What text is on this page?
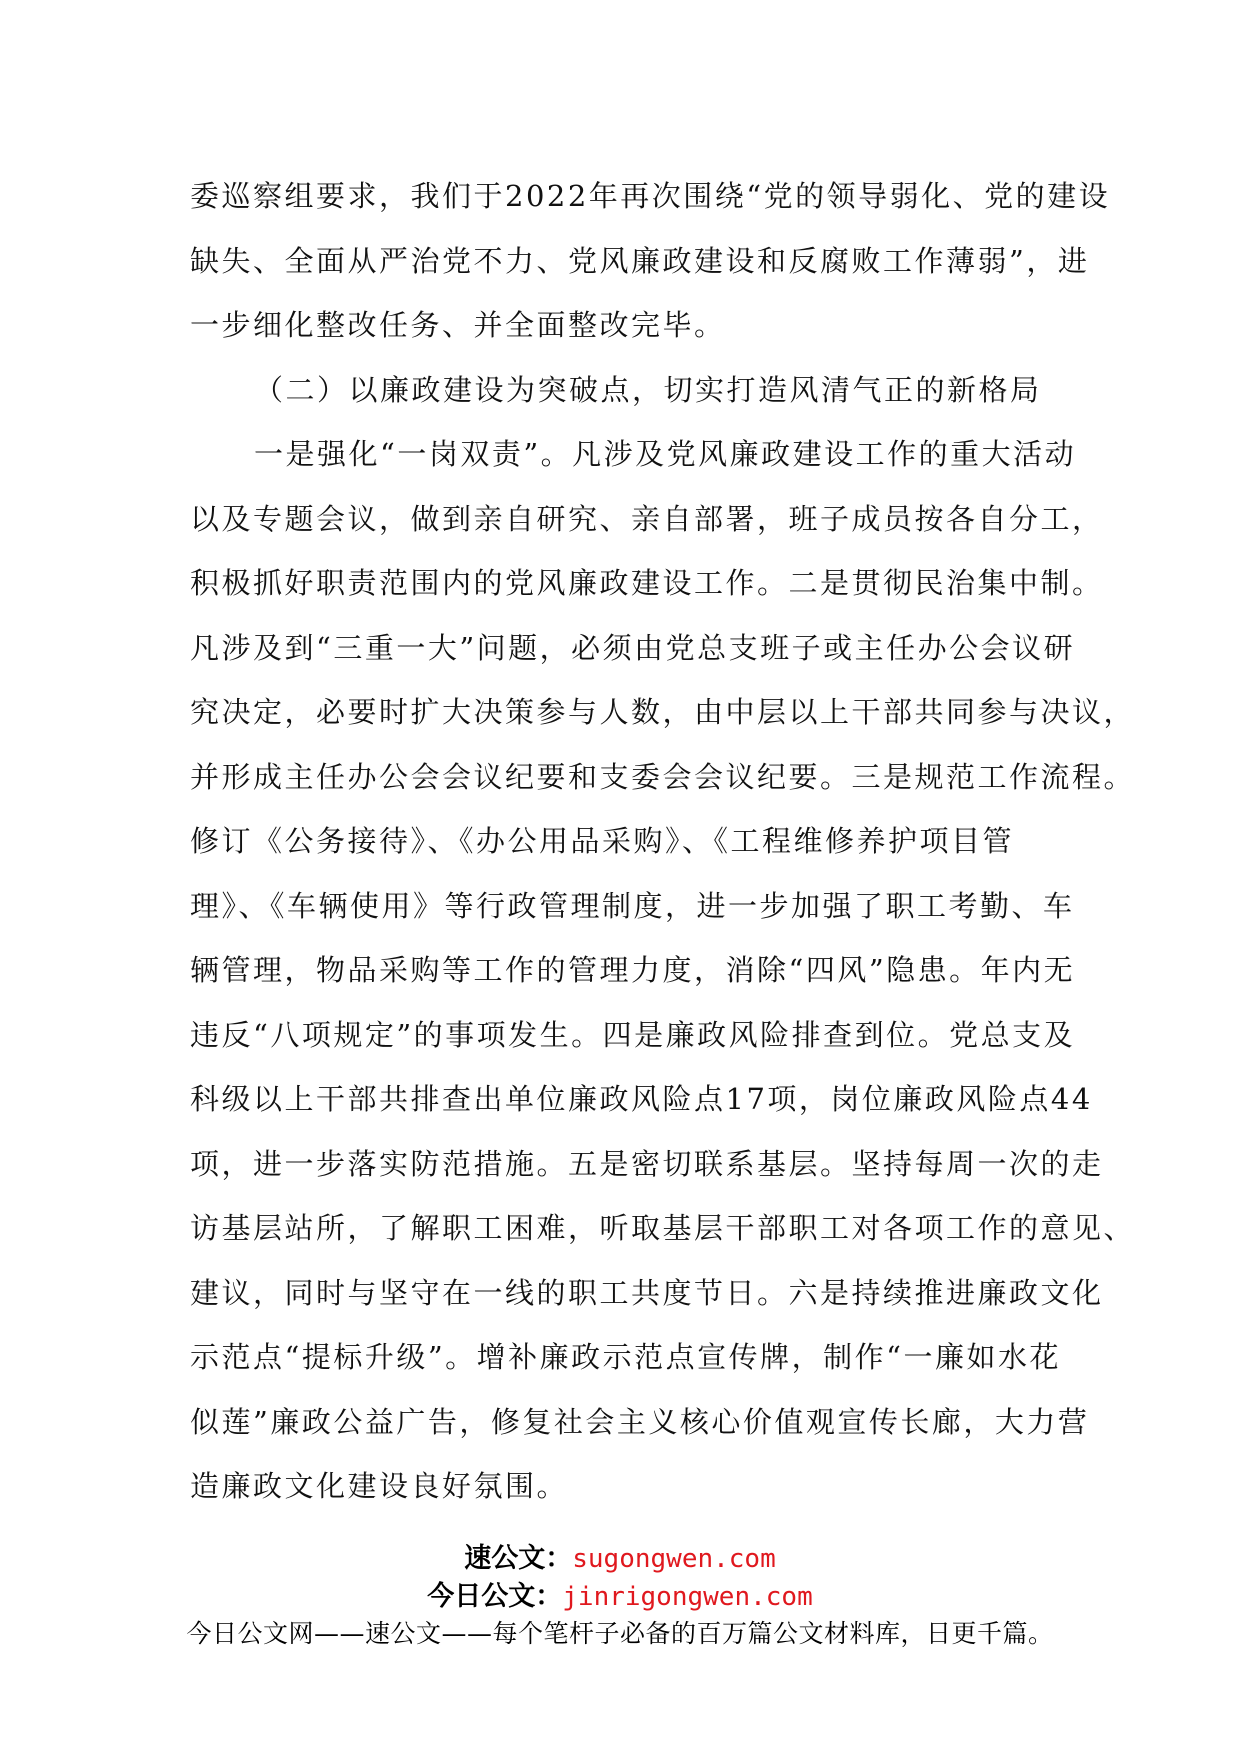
委巡察组要求，我们于2022年再次围绕“党的领导弱化、党的建设
缺失、全面从严治党不力、党风廉政建设和反腐败工作薄弱”，进
一步细化整改任务、并全面整改完毕。
（二）以廉政建设为突破点，切实打造风清气正的新格局
一是强化“一岗双责”。凡涉及党风廉政建设工作的重大活动
以及专题会议，做到亲自研究、亲自部署，班子成员按各自分工，
积极抓好职责范围内的党风廉政建设工作。二是贯彻民治集中制。
凡涉及到“三重一大”问题，必须由党总支班子或主任办公会议研
究决定，必要时扩大决策参与人数，由中层以上干部共同参与决议，
并形成主任办公会会议纪要和支委会会议纪要。三是规范工作流程。
修订《公务接待》、《办公用品采购》、《工程维修养护项目管
理》、《车辆使用》等行政管理制度，进一步加强了职工考勤、车
辆管理，物品采购等工作的管理力度，消除“四风”隐患。年内无
违反“八项规定”的事项发生。四是廉政风险排查到位。党总支及
科级以上干部共排查出单位廉政风险点17项，岗位廉政风险点44
项，进一步落实防范措施。五是密切联系基层。坚持每周一次的走
访基层站所，了解职工困难，听取基层干部职工对各项工作的意见、
建议，同时与坚守在一线的职工共度节日。六是持续推进廉政文化
示范点“提标升级”。增补廉政示范点宣传牌，制作“一廉如水花
似莲”廉政公益广告，修复社会主义核心价值观宣传长廊，大力营
造廉政文化建设良好氛围。
速公文：sugongwen.com
今日公文：jinrigongwen.com
今日公文网——速公文——每个笔杆子必备的百万篇公文材料库，日更千篇。
